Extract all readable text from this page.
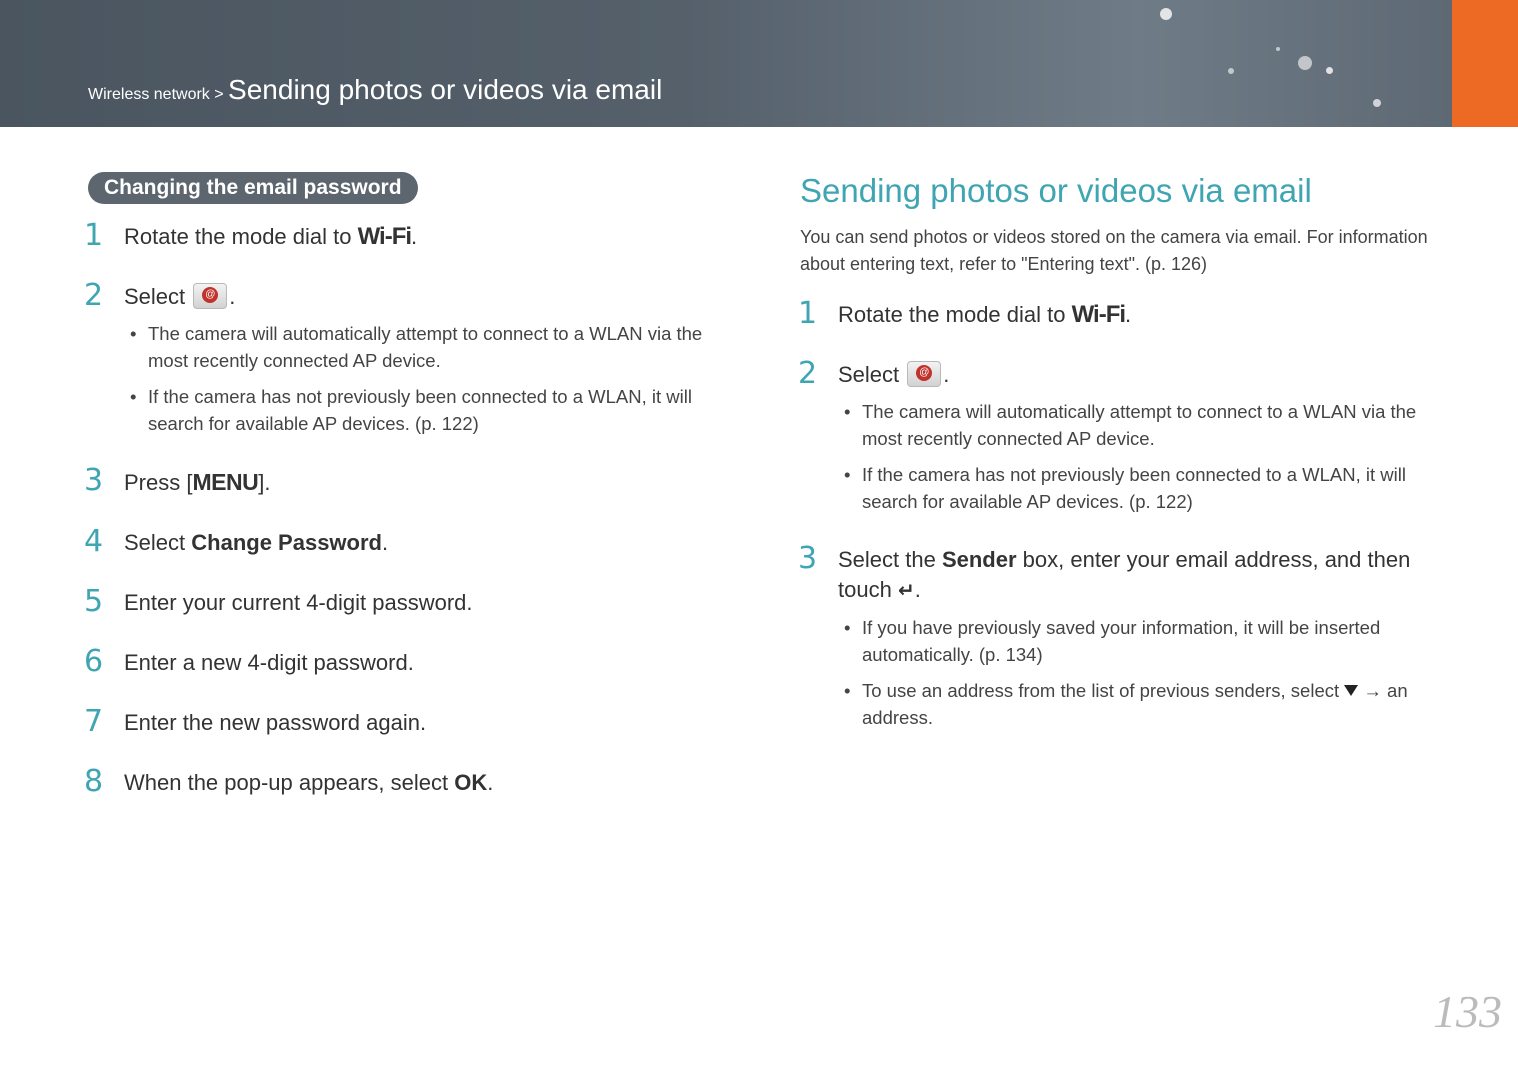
Wireless network > Sending photos or videos via email
Changing the email password
1 Rotate the mode dial to Wi-Fi.
2 Select @.
• The camera will automatically attempt to connect to a WLAN via the most recently connected AP device.
• If the camera has not previously been connected to a WLAN, it will search for available AP devices. (p. 122)
3 Press [MENU].
4 Select Change Password.
5 Enter your current 4-digit password.
6 Enter a new 4-digit password.
7 Enter the new password again.
8 When the pop-up appears, select OK.
Sending photos or videos via email
You can send photos or videos stored on the camera via email. For information about entering text, refer to "Entering text". (p. 126)
1 Rotate the mode dial to Wi-Fi.
2 Select @.
• The camera will automatically attempt to connect to a WLAN via the most recently connected AP device.
• If the camera has not previously been connected to a WLAN, it will search for available AP devices. (p. 122)
3 Select the Sender box, enter your email address, and then touch ↵.
• If you have previously saved your information, it will be inserted automatically. (p. 134)
• To use an address from the list of previous senders, select  → an address.
133
